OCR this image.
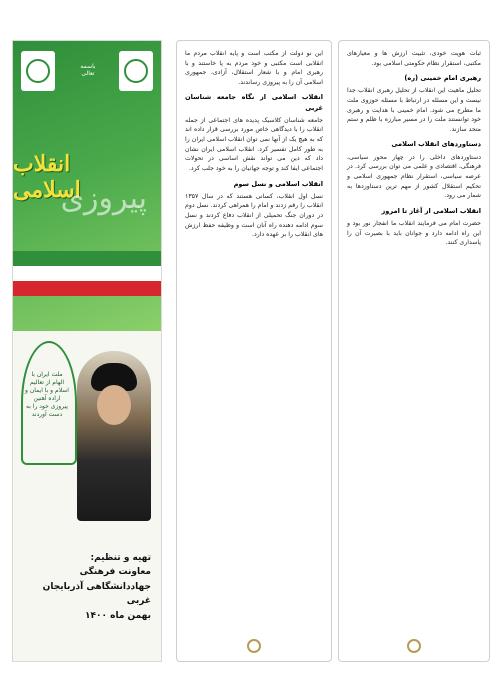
باسمه تعالی
انقلاب اسلامی
پیروزی
ملت ایران با الهام از تعالیم اسلام و با ایمان و اراده آهنین پیروزی خود را به دست آوردند
تهیه و تنظیم:
معاونت فرهنگی جهاددانشگاهی آذربایجان غربی
بهمن ماه ۱۴۰۰

این نو دولت از مکتب است و پایه انقلاب مردم ما انقلابی است مکتبی و خود مردم به پا خاستند و با رهبری امام و با شعار استقلال، آزادی، جمهوری اسلامی آن را به پیروزی رساندند.

انقلاب اسلامی از نگاه جامعه شناسان غربی

جامعه شناسان کلاسیک پدیده های اجتماعی از جمله انقلاب را با دیدگاهی خاص مورد بررسی قرار داده اند که به هیچ یک از آنها نمی توان انقلاب اسلامی ایران را به طور کامل تفسیر کرد. انقلاب اسلامی ایران نشان داد که دین می تواند نقش اساسی در تحولات اجتماعی ایفا کند و توجه جهانیان را به خود جلب کرد.

انقلاب اسلامی و نسل سوم

نسل اول انقلاب، کسانی هستند که در سال ۱۳۵۷ انقلاب را رقم زدند و امام را همراهی کردند. نسل دوم در دوران جنگ تحمیلی از انقلاب دفاع کردند و نسل سوم ادامه دهنده راه آنان است و وظیفه حفظ ارزش های انقلاب را بر عهده دارد.

ثبات هویت خودی، تثبیت ارزش ها و معیارهای مکتبی، استقرار نظام حکومتی اسلامی بود.

رهبری امام خمینی (ره)

تحلیل ماهیت این انقلاب از تحلیل رهبری انقلاب جدا نیست و این مسئله در ارتباط با مسئله حوزوی ملت ما مطرح می شود. امام خمینی با هدایت و رهبری خود توانستند ملت را در مسیر مبارزه با ظلم و ستم متحد سازند.

دستاوردهای انقلاب اسلامی

دستاوردهای داخلی را در چهار محور سیاسی، فرهنگی، اقتصادی و علمی می توان بررسی کرد. در عرصه سیاسی، استقرار نظام جمهوری اسلامی و تحکیم استقلال کشور از مهم ترین دستاوردها به شمار می رود.

انقلاب اسلامی از آغاز تا امروز

حضرت امام می فرمایند انقلاب ما انفجار نور بود و این راه ادامه دارد و جوانان باید با بصیرت آن را پاسداری کنند.
